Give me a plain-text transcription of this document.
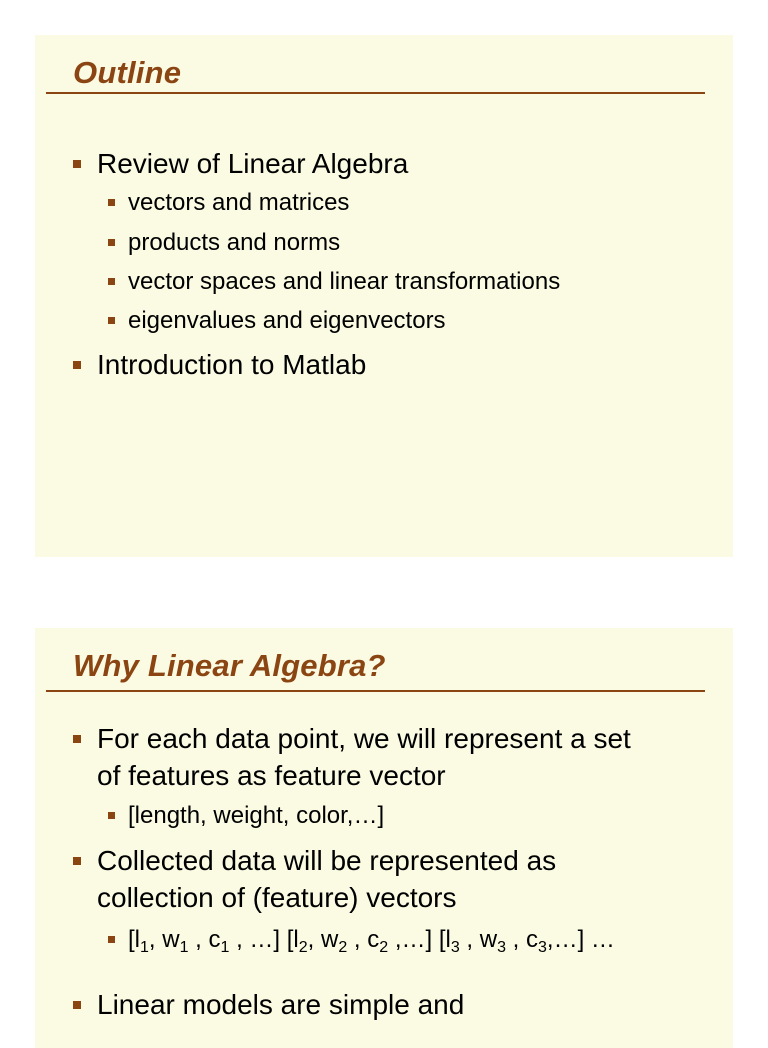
Outline
Review of Linear Algebra
vectors and matrices
products and norms
vector spaces and linear transformations
eigenvalues and eigenvectors
Introduction to Matlab
Why Linear Algebra?
For each data point, we will represent a set
of features as feature vector
[length, weight, color,…]
Collected data will be represented as
collection of (feature) vectors
[$l_1$, $w_1$ , $c_1$ , …] [$l_2$, $w_2$ , $c_2$ ,…] [$l_3$ , $w_3$ , $c_3,\dots$] …
Linear models are simple and
